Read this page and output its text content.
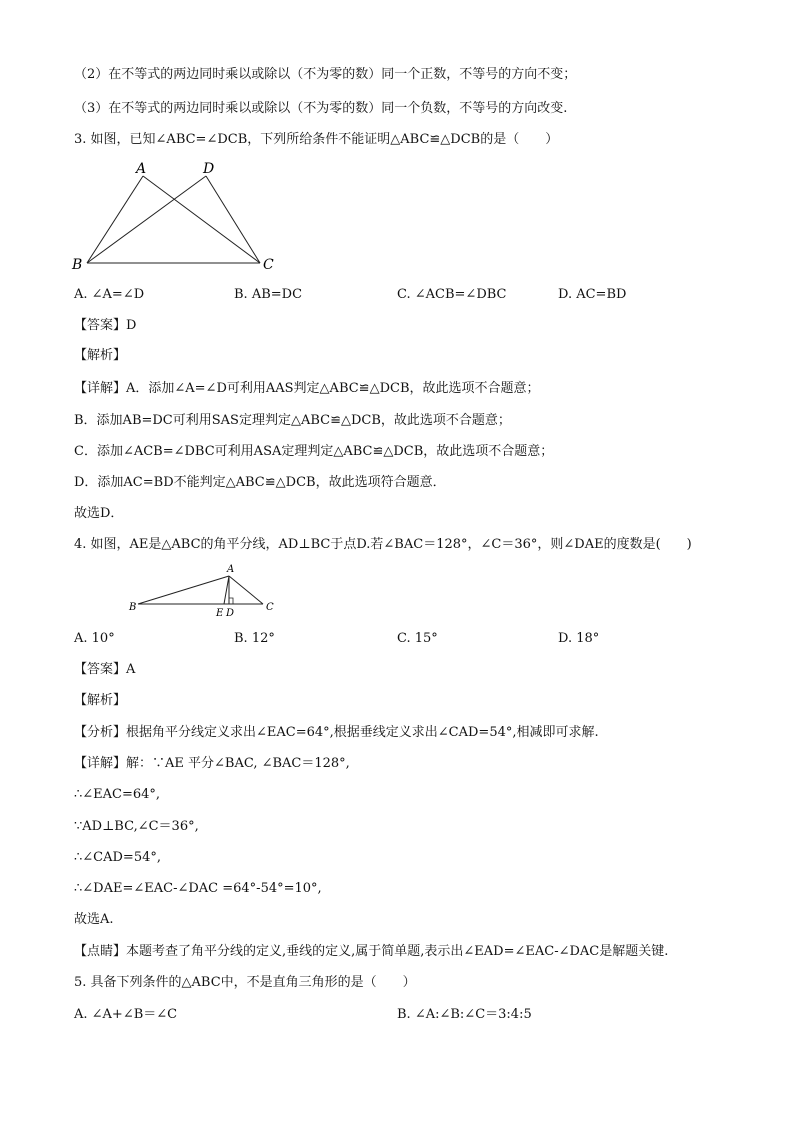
（2）在不等式的两边同时乘以或除以（不为零的数）同一个正数，不等号的方向不变；
（3）在不等式的两边同时乘以或除以（不为零的数）同一个负数，不等号的方向改变.
3. 如图，已知∠ABC=∠DCB，下列所给条件不能证明△ABC≌△DCB的是（　　）
A	D
B	C
A. ∠A=∠D	B. AB=DC	C. ∠ACB=∠DBC	D. AC=BD
【答案】D
【解析】
【详解】A．添加∠A=∠D可利用AAS判定△ABC≌△DCB，故此选项不合题意；
B．添加AB=DC可利用SAS定理判定△ABC≌△DCB，故此选项不合题意；
C．添加∠ACB=∠DBC可利用ASA定理判定△ABC≌△DCB，故此选项不合题意；
D．添加AC=BD不能判定△ABC≌△DCB，故此选项符合题意．
故选D．
4. 如图，AE是△ABC的角平分线，AD⊥BC于点D.若∠BAC＝128°，∠C＝36°，则∠DAE的度数是(　　)
A
B	C
E D
A. 10°	B. 12°	C. 15°	D. 18°
【答案】A
【解析】
【分析】根据角平分线定义求出∠EAC=64°,根据垂线定义求出∠CAD=54°,相减即可求解.
【详解】解：∵AE 平分∠BAC, ∠BAC＝128°,
∴∠EAC=64°,
∵AD⊥BC,∠C＝36°,
∴∠CAD=54°,
∴∠DAE=∠EAC-∠DAC =64°-54°=10°,
故选A.
【点睛】本题考查了角平分线的定义,垂线的定义,属于简单题,表示出∠EAD=∠EAC-∠DAC是解题关键.
5. 具备下列条件的△ABC中，不是直角三角形的是（　　）
A. ∠A+∠B＝∠C	B. ∠A:∠B:∠C＝3:4:5
